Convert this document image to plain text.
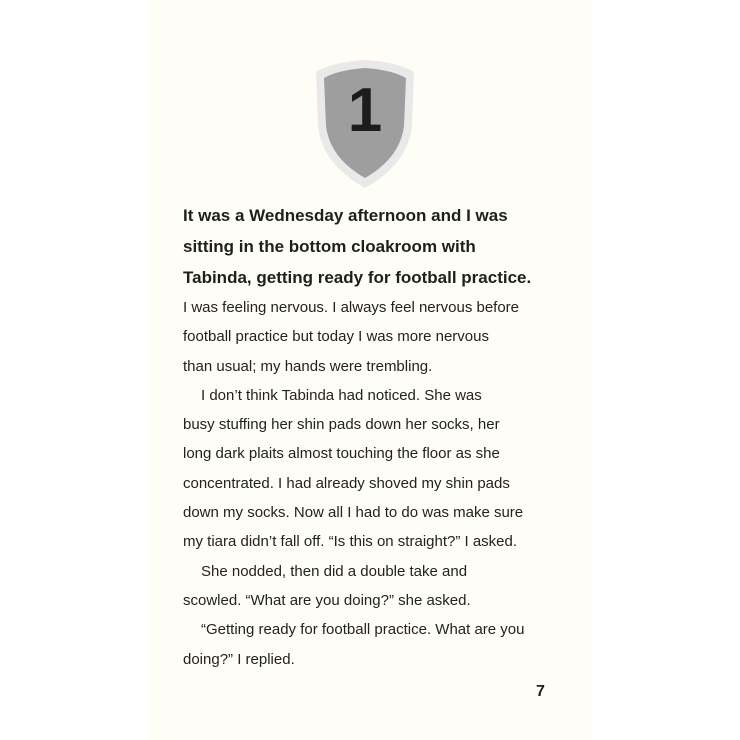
1

It was a Wednesday afternoon and I was

sitting in the bottom cloakroom with

Tabinda, getting ready for football practice.

I was feeling nervous. I always feel nervous before

football practice but today I was more nervous

than usual; my hands were trembling.

I don’t think Tabinda had noticed. She was

busy stuffing her shin pads down her socks, her

long dark plaits almost touching the floor as she

concentrated. I had already shoved my shin pads

down my socks. Now all I had to do was make sure

my tiara didn’t fall off. “Is this on straight?” I asked.

She nodded, then did a double take and

scowled. “What are you doing?” she asked.

“Getting ready for football practice. What are you

doing?” I replied.

7
